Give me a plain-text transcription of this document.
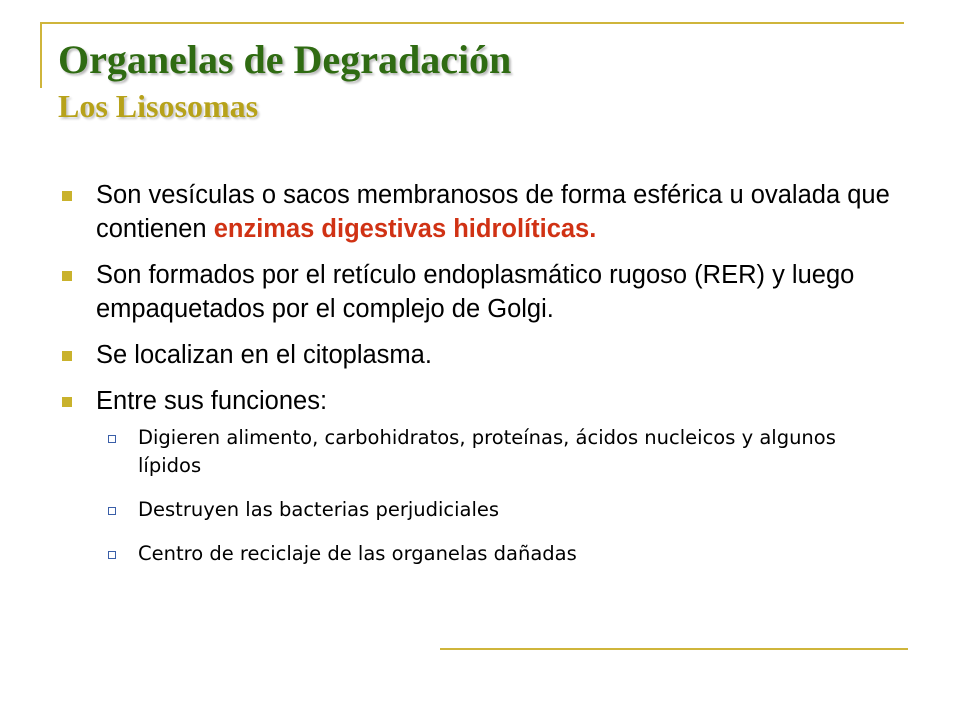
Organelas de Degradación
Los Lisosomas
Son vesículas o sacos membranosos de forma esférica u ovalada que contienen enzimas digestivas hidrolíticas.
Son formados por el retículo endoplasmático rugoso (RER) y luego empaquetados por el complejo de Golgi.
Se localizan en el citoplasma.
Entre sus funciones:
Digieren alimento, carbohidratos, proteínas, ácidos nucleicos y algunos lípidos
Destruyen las bacterias perjudiciales
Centro de reciclaje de las organelas dañadas
